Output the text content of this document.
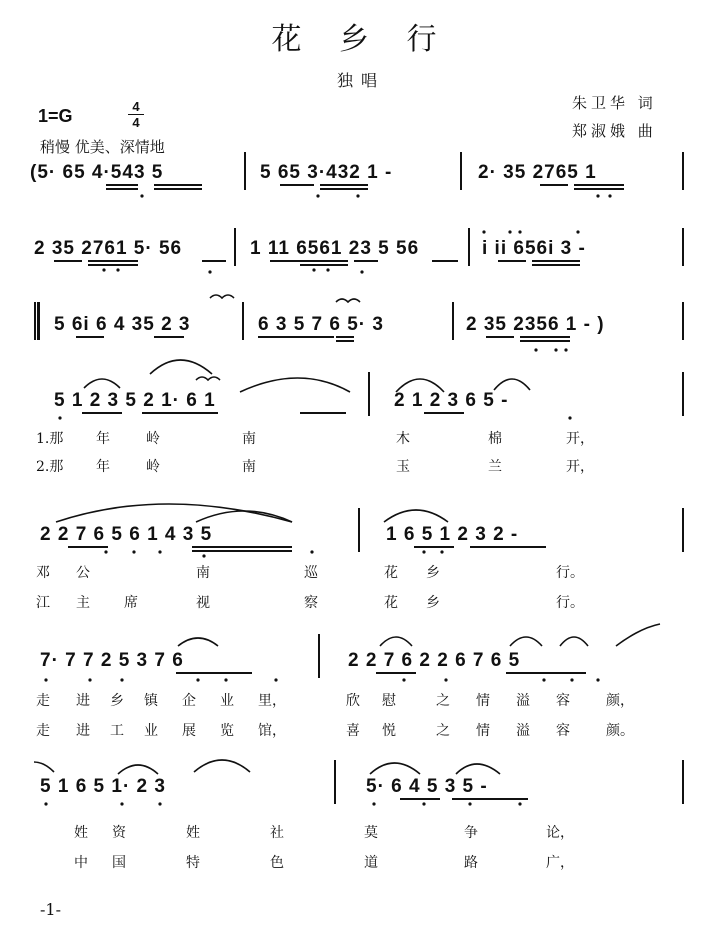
花 乡 行
独唱
朱卫华 词
郑淑娥 曲
1=G	4
4
稍慢 优美、深情地
(5· 65 4·543 5	5 65 3·432 1 -	2· 35 2765 1
2 35 2761 5· 56	1 11 6561 23 5 56	i ii 656i 3 -
5 6i 6 4 35 2 3	6 3 5 7 6 5· 3	2 35 2356 1 - )
5 1 2 3 5 2 1· 6 1	2 1 2 3 6 5 -
1.那 年	岭	南	木	棉	开，
2.那 年	岭	南	玉	兰	开，
2 2 7 6 5 6 1 4 3 5	1 6 5 1 2 3 2 -
邓 公	南	巡	花 乡	行。
江 主 席	视	察	花 乡	行。
7· 7 7 2 5 3 7 6	2 2 7 6 2 2 6 7 6 5
走 进 乡 镇 企 业 里，	欣 慰	之 情 溢 容	颜，
走 进 工 业 展 览 馆，	喜 悦	之 情 溢 容	颜。
5 1 6 5 1· 2 3	5· 6 4 5 3 5 -
姓 资	姓	社	莫	争	论，
中 国	特	色	道	路	广，
-1-
